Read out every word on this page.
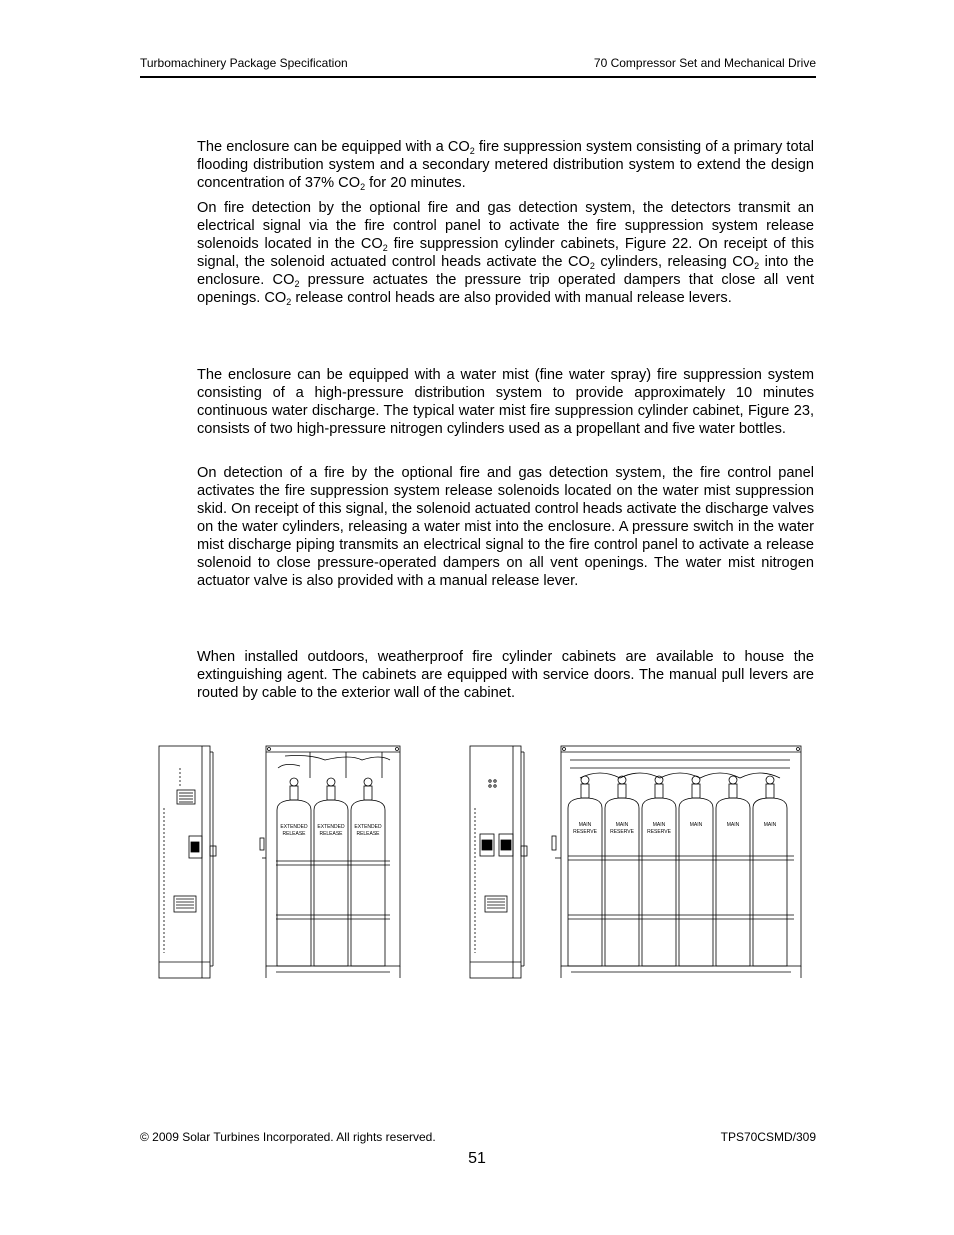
Turbomachinery Package Specification	70 Compressor Set and Mechanical Drive

The enclosure can be equipped with a $CO_2$ fire suppression system consisting of a primary total flooding distribution system and a secondary metered distribution system to extend the design concentration of 37% $CO_2$ for 20 minutes.

On fire detection by the optional fire and gas detection system, the detectors transmit an electrical signal via the fire control panel to activate the fire suppression system release solenoids located in the $CO_2$ fire suppression cylinder cabinets, Figure 22. On receipt of this signal, the solenoid actuated control heads activate the $CO_2$ cylinders, releasing $CO_2$ into the enclosure. $CO_2$ pressure actuates the pressure trip operated dampers that close all vent openings. $CO_2$ release control heads are also provided with manual release levers.

The enclosure can be equipped with a water mist (fine water spray) fire suppression system consisting of a high-pressure distribution system to provide approximately 10 minutes continuous water discharge. The typical water mist fire suppression cylinder cabinet, Figure 23, consists of two high-pressure nitrogen cylinders used as a propellant and five water bottles.

On detection of a fire by the optional fire and gas detection system, the fire control panel activates the fire suppression system release solenoids located on the water mist suppression skid. On receipt of this signal, the solenoid actuated control heads activate the discharge valves on the water cylinders, releasing a water mist into the enclosure. A pressure switch in the water mist discharge piping transmits an electrical signal to the fire control panel to activate a release solenoid to close pressure-operated dampers on all vent openings. The water mist nitrogen actuator valve is also provided with a manual release lever.

When installed outdoors, weatherproof fire cylinder cabinets are available to house the extinguishing agent. The cabinets are equipped with service doors. The manual pull levers are routed by cable to the exterior wall of the cabinet.

EXTENDED
RELEASE
EXTENDED
RELEASE
EXTENDED
RELEASE
MAIN
RESERVE
MAIN
RESERVE
MAIN
RESERVE
MAIN	MAIN	MAIN
© 2009 Solar Turbines Incorporated. All rights reserved.	TPS70CSMD/309
51
